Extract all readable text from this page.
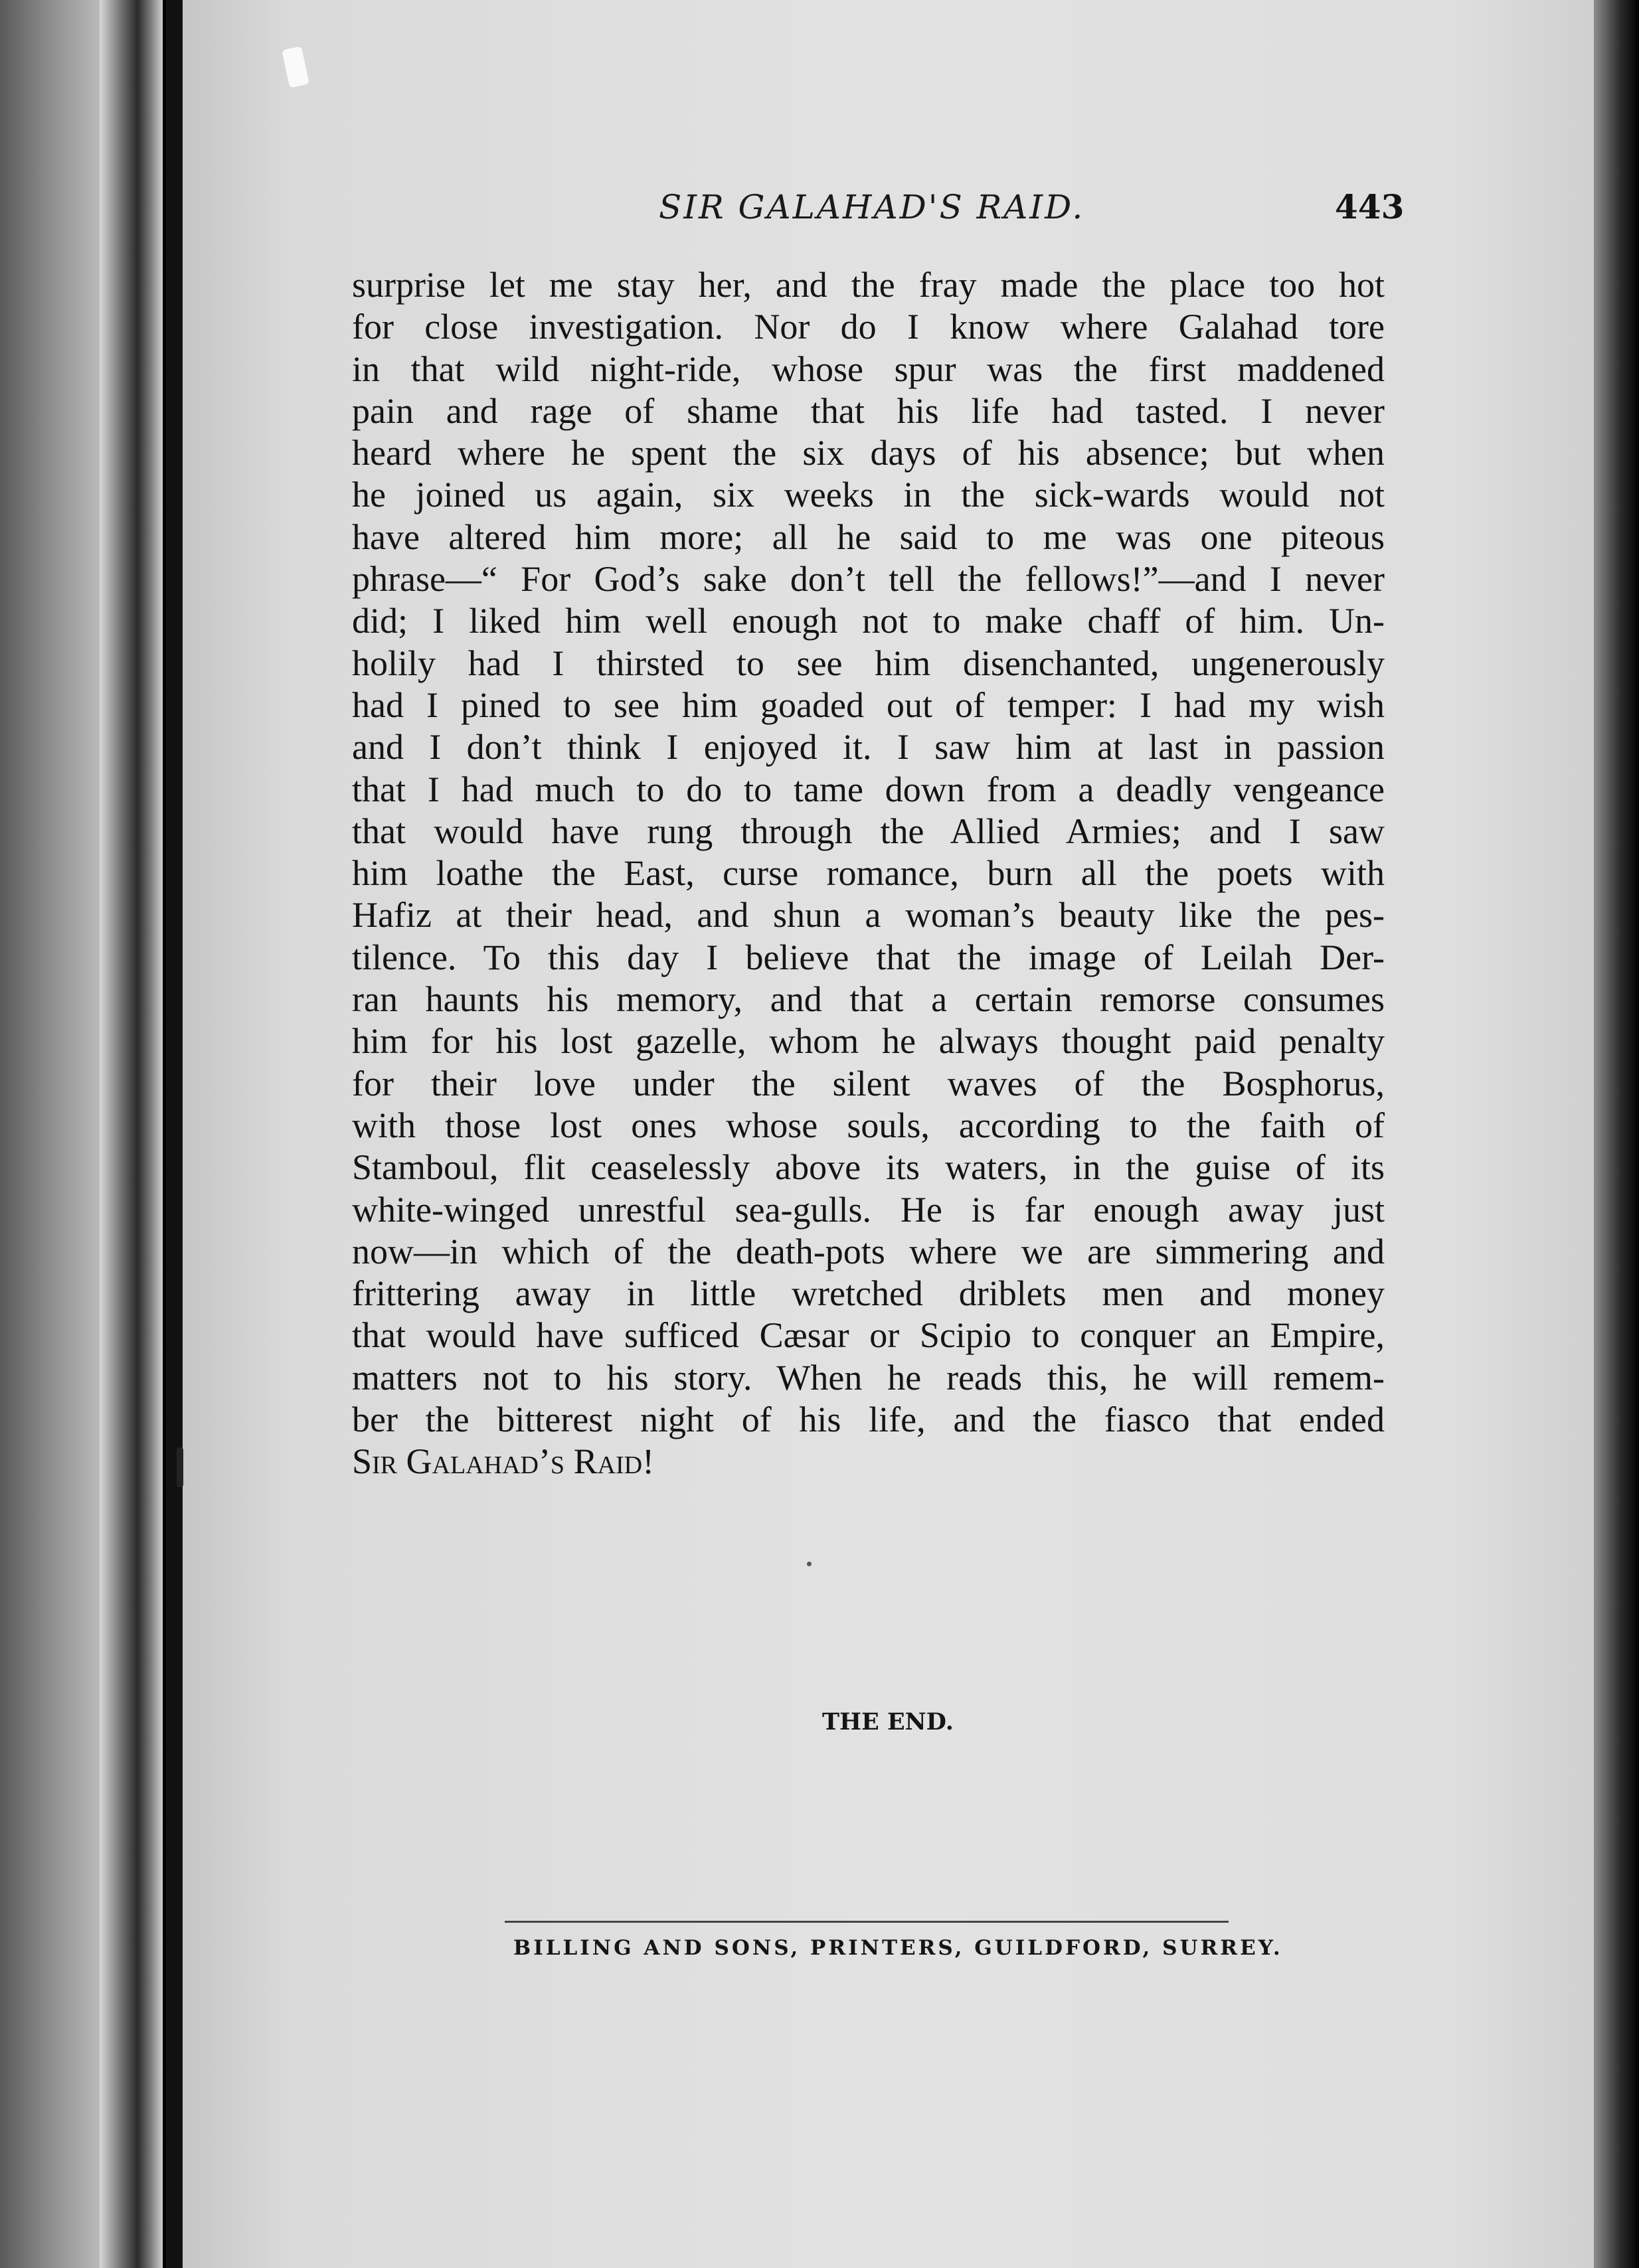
SIR GALAHAD'S RAID.	443
surprise let me stay her, and the fray made the place too hot
for close investigation. Nor do I know where Galahad tore
in that wild night-ride, whose spur was the first maddened
pain and rage of shame that his life had tasted. I never
heard where he spent the six days of his absence; but when
he joined us again, six weeks in the sick-wards would not
have altered him more; all he said to me was one piteous
phrase—“ For God’s sake don’t tell the fellows!”—and I never
did; I liked him well enough not to make chaff of him. Un-
holily had I thirsted to see him disenchanted, ungenerously
had I pined to see him goaded out of temper: I had my wish
and I don’t think I enjoyed it. I saw him at last in passion
that I had much to do to tame down from a deadly vengeance
that would have rung through the Allied Armies; and I saw
him loathe the East, curse romance, burn all the poets with
Hafiz at their head, and shun a woman’s beauty like the pes-
tilence. To this day I believe that the image of Leilah Der-
ran haunts his memory, and that a certain remorse consumes
him for his lost gazelle, whom he always thought paid penalty
for their love under the silent waves of the Bosphorus,
with those lost ones whose souls, according to the faith of
Stamboul, flit ceaselessly above its waters, in the guise of its
white-winged unrestful sea-gulls. He is far enough away just
now—in which of the death-pots where we are simmering and
frittering away in little wretched driblets men and money
that would have sufficed Cæsar or Scipio to conquer an Empire,
matters not to his story. When he reads this, he will remem-
ber the bitterest night of his life, and the fiasco that ended
Sir Galahad’s Raid!
THE END.
BILLING AND SONS, PRINTERS, GUILDFORD, SURREY.
